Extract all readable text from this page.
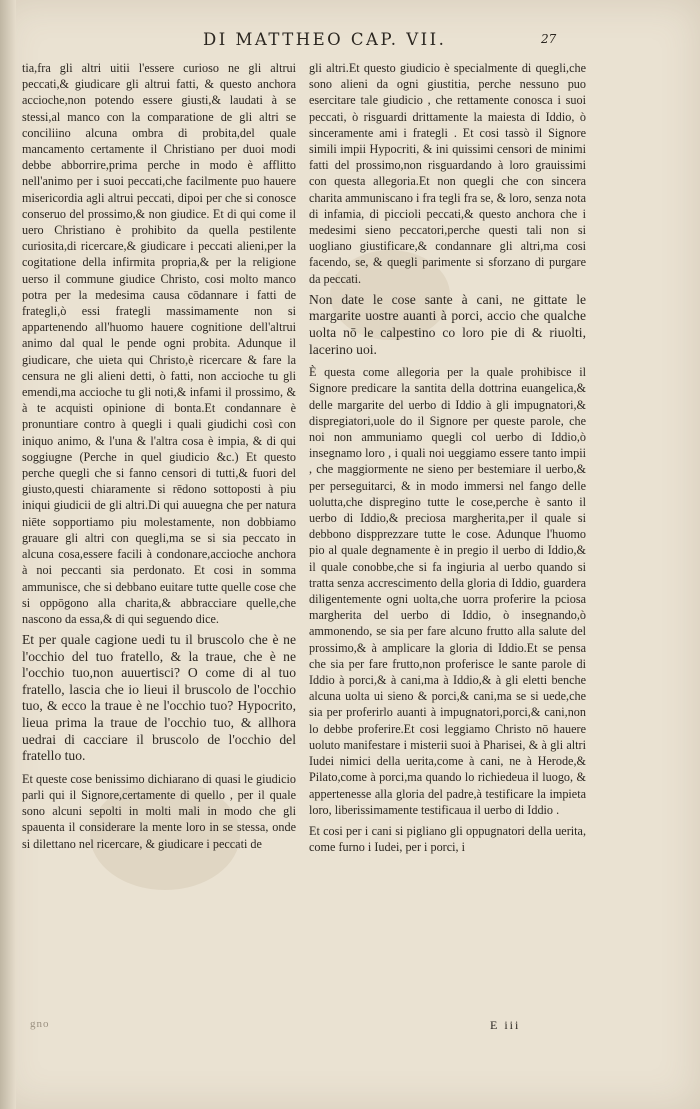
DI MATTHEO CAP. VII.	27

tia,fra gli altri uitii l'essere curioso ne gli altrui peccati,& giudicare gli altrui fatti, & questo anchora accioche,non potendo essere giusti,& laudati à se stessi,al manco con la comparatione de gli altri se conciliino alcuna ombra di probita,del quale mancamento certamente il Christiano per duoi modi debbe abborrire,prima perche in modo è afflitto nell'animo per i suoi peccati,che facilmente puo hauere misericordia agli altrui peccati, dipoi per che si conosce conseruo del prossimo,& non giudice. Et di qui come il uero Christiano è prohibito da quella pestilente curiosita,di ricercare,& giudicare i peccati alieni,per la cogitatione della infirmita propria,& per la religione uerso il commune giudice Christo, cosi molto manco potra per la medesima causa cōdannare i fatti de frategli,ò essi frategli massimamente non si appartenendo all'huomo hauere cognitione dell'altrui animo dal qual le pende ogni probita. Adunque il giudicare, che uieta qui Christo,è ricercare & fare la censura ne gli alieni detti, ò fatti, non accioche tu gli emendi,ma accioche tu gli noti,& infami il prossimo, & à te acquisti opinione di bonta.Et condannare è pronuntiare contro à quegli i quali giudichi così con iniquo animo, & l'una & l'altra cosa è impia, & di qui soggiugne (Perche in quel giudicio &c.) Et questo perche quegli che si fanno censori di tutti,& fuori del giusto,questi chiaramente si rēdono sottoposti à piu iniqui giudicii de gli altri.Di qui auuegna che per natura niēte sopportiamo piu molestamente, non dobbiamo grauare gli altri con quegli,ma se si sia peccato in alcuna cosa,essere facili à condonare,accioche anchora à noi peccanti sia perdonato. Et cosi in somma ammunisce, che si debbano euitare tutte quelle cose che si oppōgono alla charita,& abbracciare quelle,che nascono da essa,& di qui seguendo dice.

Et per quale cagione uedi tu il bruscolo che è ne l'occhio del tuo fratello, & la traue, che è ne l'occhio tuo,non auuertisci? O come di al tuo fratello, lascia che io lieui il bruscolo de l'occhio tuo, & ecco la traue è ne l'occhio tuo? Hypocrito, lieua prima la traue de l'occhio tuo, & allhora uedrai di cacciare il bruscolo de l'occhio del fratello tuo.

Et queste cose benissimo dichiarano di quasi le giudicio parli qui il Signore,certamente di quello , per il quale sono alcuni sepolti in molti mali in modo che gli spauenta il considerare la mente loro in se stessa, onde si dilettano nel ricercare, & giudicare i peccati de

gli altri.Et questo giudicio è specialmente di quegli,che sono alieni da ogni giustitia, perche nessuno puo esercitare tale giudicio , che rettamente conosca i suoi peccati, ò risguardi drittamente la maiesta di Iddio, ò sinceramente ami i frategli . Et cosi tassò il Signore simili impii Hypocriti, & ini quissimi censori de minimi fatti del prossimo,non risguardando à loro grauissimi con questa allegoria.Et non quegli che con sincera charita ammuniscano i fra tegli fra se, & loro, senza nota di infamia, di piccioli peccati,& questo anchora che i medesimi sieno peccatori,perche questi tali non si uogliano giustificare,& condannare gli altri,ma cosi facendo, se, & quegli parimente si sforzano di purgare da peccati.

Non date le cose sante à cani, ne gittate le margarite uostre auanti à porci, accio che qualche uolta nō le calpestino co loro pie di & riuolti, lacerino uoi.

È questa come allegoria per la quale prohibisce il Signore predicare la santita della dottrina euangelica,& delle margarite del uerbo di Iddio à gli impugnatori,& dispregiatori,uole do il Signore per queste parole, che noi non ammuniamo quegli col uerbo di Iddio,ò insegnamo loro , i quali noi ueggiamo essere tanto impii , che maggiormente ne sieno per bestemiare il uerbo,& per perseguitarci, & in modo immersi nel fango delle uolutta,che dispregino tutte le cose,perche è santo il uerbo di Iddio,& preciosa margherita,per il quale si debbono dispprezzare tutte le cose. Adunque l'huomo pio al quale degnamente è in pregio il uerbo di Iddio,& il quale conobbe,che si fa ingiuria al uerbo quando si tratta senza accrescimento della gloria di Iddio, guardera diligentemente ogni uolta,che uorra proferire la pciosa margherita del uerbo di Iddio, ò insegnando,ò ammonendo, se sia per fare alcuno frutto alla salute del prossimo,& à amplicare la gloria di Iddio.Et se pensa che sia per fare frutto,non proferisce le sante parole di Iddio à porci,& à cani,ma à Iddio,& à gli eletti benche alcuna uolta ui sieno & porci,& cani,ma se si uede,che sia per proferirlo auanti à impugnatori,porci,& cani,non lo debbe proferire.Et cosi leggiamo Christo nō hauere uoluto manifestare i misterii suoi à Pharisei, & à gli altri Iudei nimici della uerita,come à cani, ne à Herode,& Pilato,come à porci,ma quando lo richiedeua il luogo, & appertenesse alla gloria del padre,à testificare la impieta loro, liberissimamente testificaua il uerbo di Iddio .

Et cosi per i cani si pigliano gli oppugnatori della uerita, come furno i Iudei, per i porci, i

gno	E iii
